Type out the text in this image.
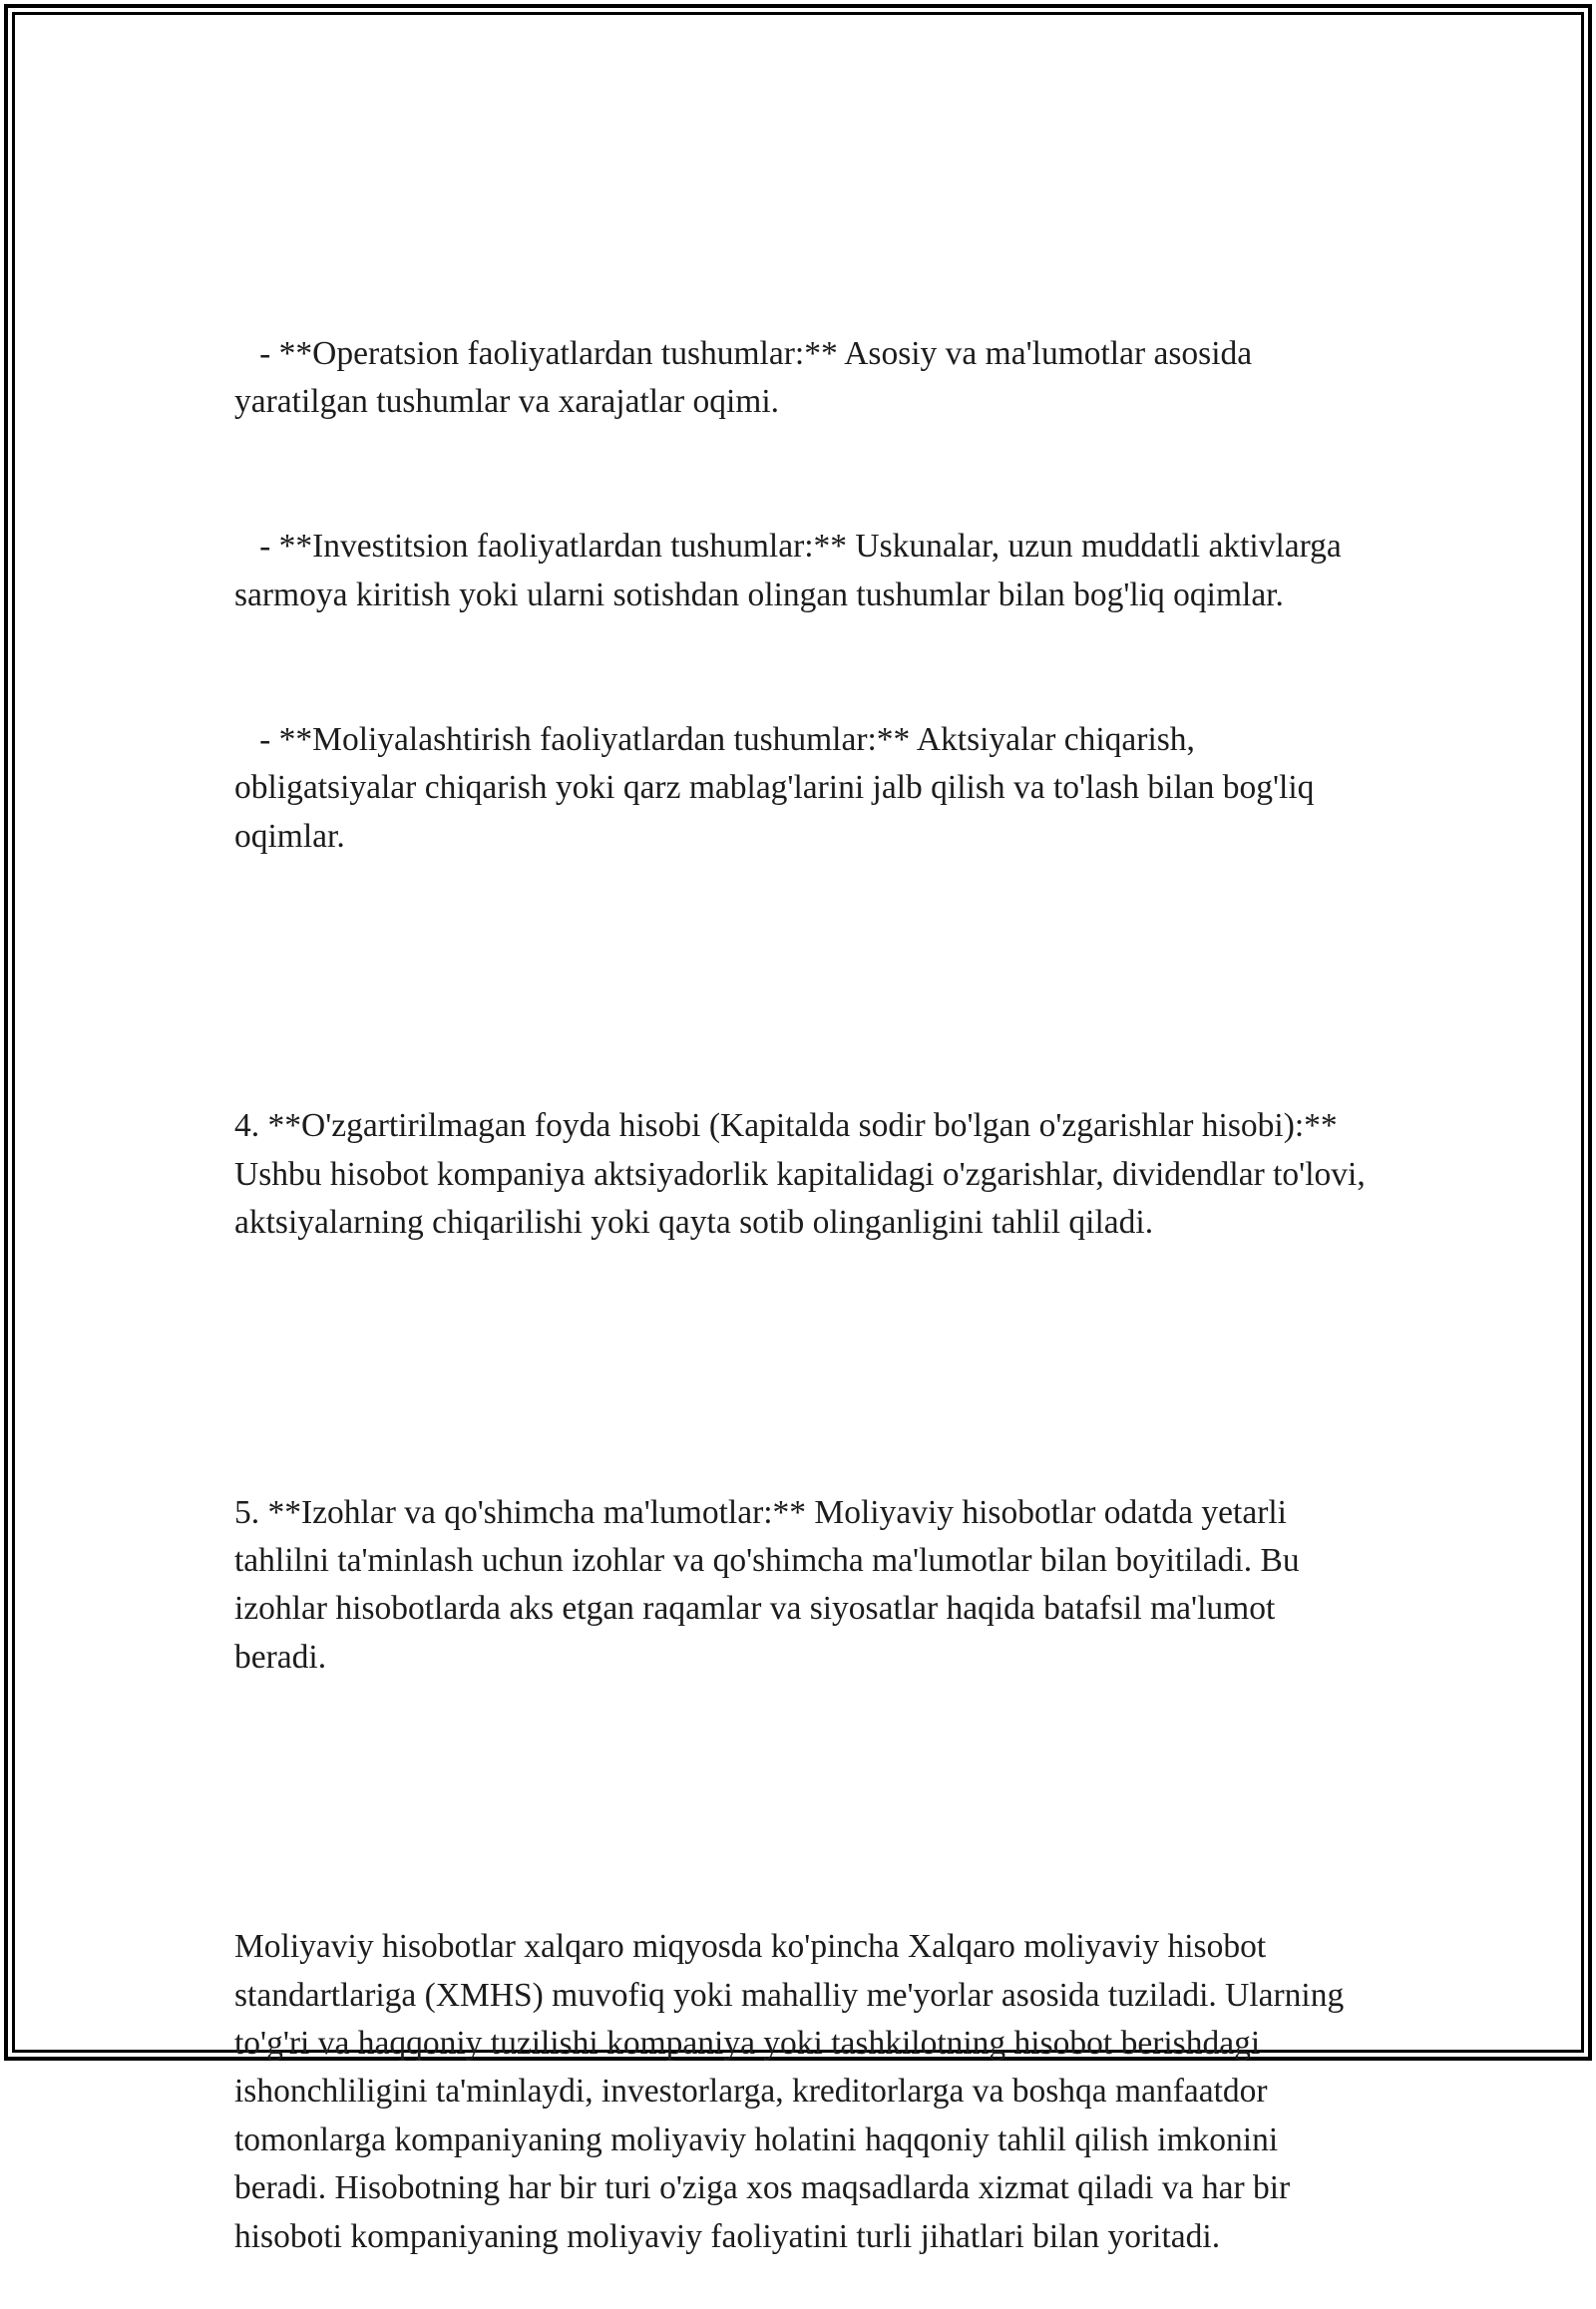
- **Operatsion faoliyatlardan tushumlar:** Asosiy va ma'lumotlar asosida yaratilgan tushumlar va xarajatlar oqimi.

- **Investitsion faoliyatlardan tushumlar:** Uskunalar, uzun muddatli aktivlarga sarmoya kiritish yoki ularni sotishdan olingan tushumlar bilan bog'liq oqimlar.

- **Moliyalashtirish faoliyatlardan tushumlar:** Aktsiyalar chiqarish, obligatsiyalar chiqarish yoki qarz mablag'larini jalb qilish va to'lash bilan bog'liq oqimlar.

4. **O'zgartirilmagan foyda hisobi (Kapitalda sodir bo'lgan o'zgarishlar hisobi):** Ushbu hisobot kompaniya aktsiyadorlik kapitalidagi o'zgarishlar, dividendlar to'lovi, aktsiyalarning chiqarilishi yoki qayta sotib olinganligini tahlil qiladi.

5. **Izohlar va qo'shimcha ma'lumotlar:** Moliyaviy hisobotlar odatda yetarli tahlilni ta'minlash uchun izohlar va qo'shimcha ma'lumotlar bilan boyitiladi. Bu izohlar hisobotlarda aks etgan raqamlar va siyosatlar haqida batafsil ma'lumot beradi.

Moliyaviy hisobotlar xalqaro miqyosda ko'pincha Xalqaro moliyaviy hisobot standartlariga (XMHS) muvofiq yoki mahalliy me'yorlar asosida tuziladi. Ularning to'g'ri va haqqoniy tuzilishi kompaniya yoki tashkilotning hisobot berishdagi ishonchliligini ta'minlaydi, investorlarga, kreditorlarga va boshqa manfaatdor tomonlarga kompaniyaning moliyaviy holatini haqqoniy tahlil qilish imkonini beradi. Hisobotning har bir turi o'ziga xos maqsadlarda xizmat qiladi va har bir hisoboti kompaniyaning moliyaviy faoliyatini turli jihatlari bilan yoritadi.
